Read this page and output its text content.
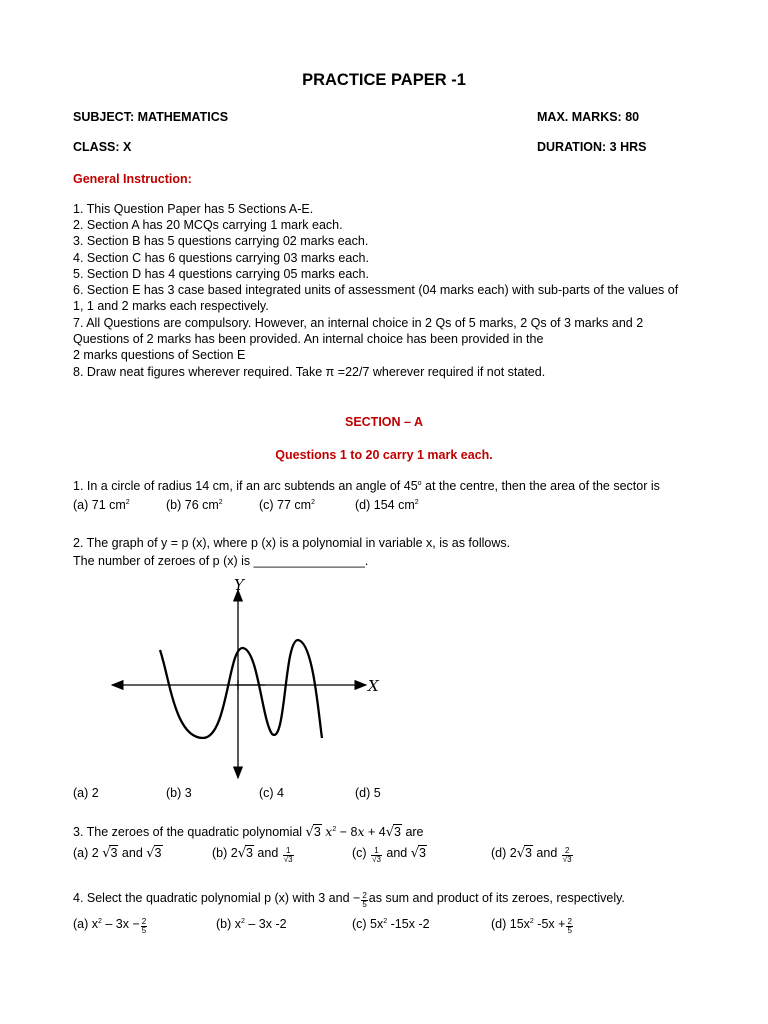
PRACTICE PAPER -1
SUBJECT: MATHEMATICS	MAX. MARKS: 80
CLASS: X	DURATION: 3 HRS
General Instruction:
1. This Question Paper has 5 Sections A-E.
2. Section A has 20 MCQs carrying 1 mark each.
3. Section B has 5 questions carrying 02 marks each.
4. Section C has 6 questions carrying 03 marks each.
5. Section D has 4 questions carrying 05 marks each.
6. Section E has 3 case based integrated units of assessment (04 marks each) with sub-parts of the values of
1, 1 and 2 marks each respectively.
7. All Questions are compulsory. However, an internal choice in 2 Qs of 5 marks, 2 Qs of 3 marks and 2
Questions of 2 marks has been provided. An internal choice has been provided in the
2 marks questions of Section E
8. Draw neat figures wherever required. Take π =22/7 wherever required if not stated.
SECTION – A
Questions 1 to 20 carry 1 mark each.
1. In a circle of radius 14 cm, if an arc subtends an angle of 45$^o$ at the centre, then the area of the sector is
(a) 71 $cm^2$	(b) 76 $cm^2$	(c) 77 $cm^2$	(d) 154 $cm^2$
2. The graph of y = p (x), where p (x) is a polynomial in variable x, is as follows.
The number of zeroes of p (x) is ________________.
Y
X
(a) 2	(b) 3	(c) 4	(d) 5
3. The zeroes of the quadratic polynomial √3 $x^2 - 8x + 4√3$ are
(a) 2 √3 and √3	(b) 2√3 and $\frac{1}{√3}$	$(c) \frac{1}{√3}$ and √3	(d) 2√3 and $\frac{2}{√3}$
4. Select the quadratic polynomial p (x) with 3 and − $\frac{2}{5}$ as sum and product of its zeroes, respectively.
(a) $x^2 - 3x - \frac{2}{5}$	(b) $x^2 - 3x$ -2	(c) $5x^2$ -15x -2	(d) $15x^2$ $-5x + \frac{2}{5}$
